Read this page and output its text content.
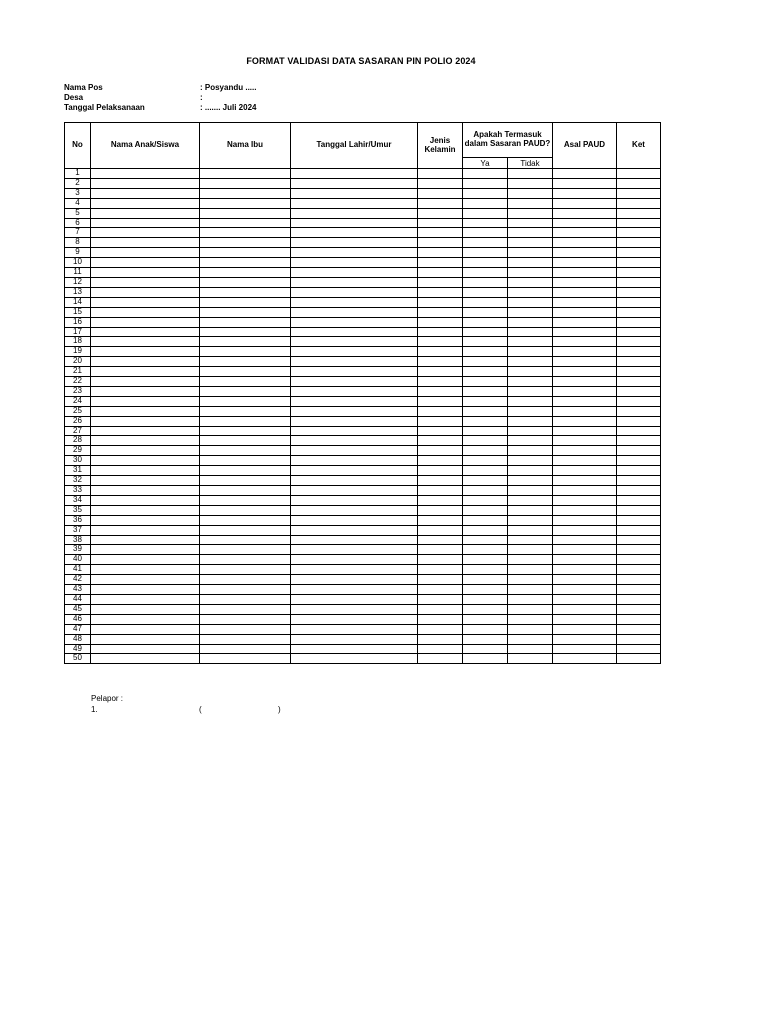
FORMAT VALIDASI DATA SASARAN PIN POLIO 2024
Nama Pos	: Posyandu .....
Desa	:
Tanggal Pelaksanaan	: ....... Juli 2024
No	Nama Anak/Siswa	Nama Ibu	Tanggal Lahir/Umur	Jenis Kelamin	Apakah Termasuk dalam Sasaran PAUD?		Asal PAUD	Ket
					Ya	Tidak		
1								
2								
3								
4								
5								
6								
7								
8								
9								
10								
11								
12								
13								
14								
15								
16								
17								
18								
19								
20								
21								
22								
23								
24								
25								
26								
27								
28								
29								
30								
31								
32								
33								
34								
35								
36								
37								
38								
39								
40								
41								
42								
43								
44								
45								
46								
47								
48								
49								
50								
Pelapor :
1.	(	)
